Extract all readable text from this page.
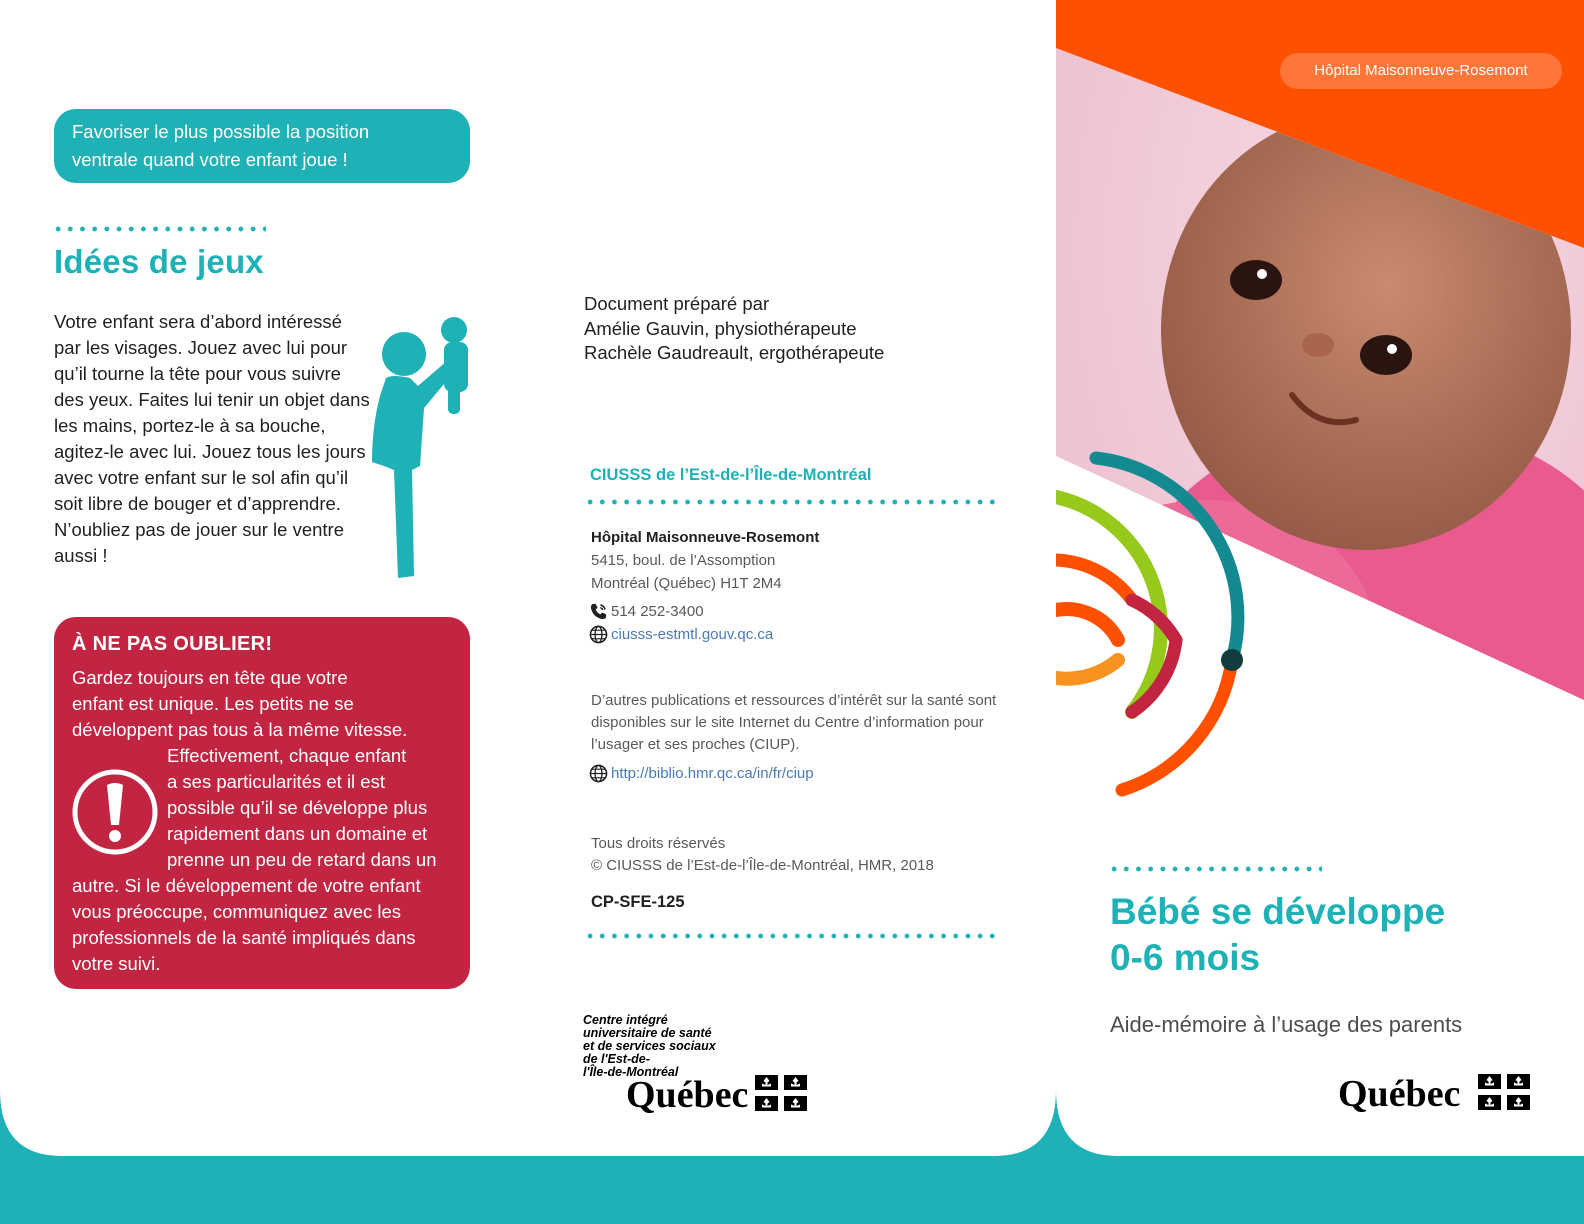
Favoriser le plus possible la position
ventrale quand votre enfant joue !
Idées de jeux

Votre enfant sera d’abord intéressé par les visages. Jouez avec lui pour qu’il tourne la tête pour vous suivre des yeux. Faites lui tenir un objet dans les mains, portez-le à sa bouche, agitez-le avec lui. Jouez tous les jours avec votre enfant sur le sol afin qu’il soit libre de bouger et d’apprendre. N’oubliez pas de jouer sur le ventre aussi !

À NE PAS OUBLIER!
Gardez toujours en tête que votre
enfant est unique. Les petits ne se
développent pas tous à la même vitesse.
Effectivement, chaque enfant
a ses particularités et il est
possible qu’il se développe plus
rapidement dans un domaine et
prenne un peu de retard dans un
autre. Si le développement de votre enfant
vous préoccupe, communiquez avec les
professionnels de la santé impliqués dans
votre suivi.
Document préparé par
Amélie Gauvin, physiothérapeute
Rachèle Gaudreault, ergothérapeute
CIUSSS de l’Est-de-l’Île-de-Montréal
Hôpital Maisonneuve-Rosemont
5415, boul. de l’Assomption
Montréal (Québec) H1T 2M4
514 252-3400
ciusss-estmtl.gouv.qc.ca

D’autres publications et ressources d’intérêt sur la santé sont disponibles sur le site Internet du Centre d’information pour l’usager et ses proches (CIUP).

http://biblio.hmr.qc.ca/in/fr/ciup
Tous droits réservés
© CIUSSS de l’Est-de-l’Île-de-Montréal, HMR, 2018
CP-SFE-125
Centre intégré
universitaire de santé
et de services sociaux
de l'Est-de-
l'Île-de-Montréal
Québec
Hôpital Maisonneuve-Rosemont
Bébé se développe
0-6 mois
Aide-mémoire à l’usage des parents
Québec
